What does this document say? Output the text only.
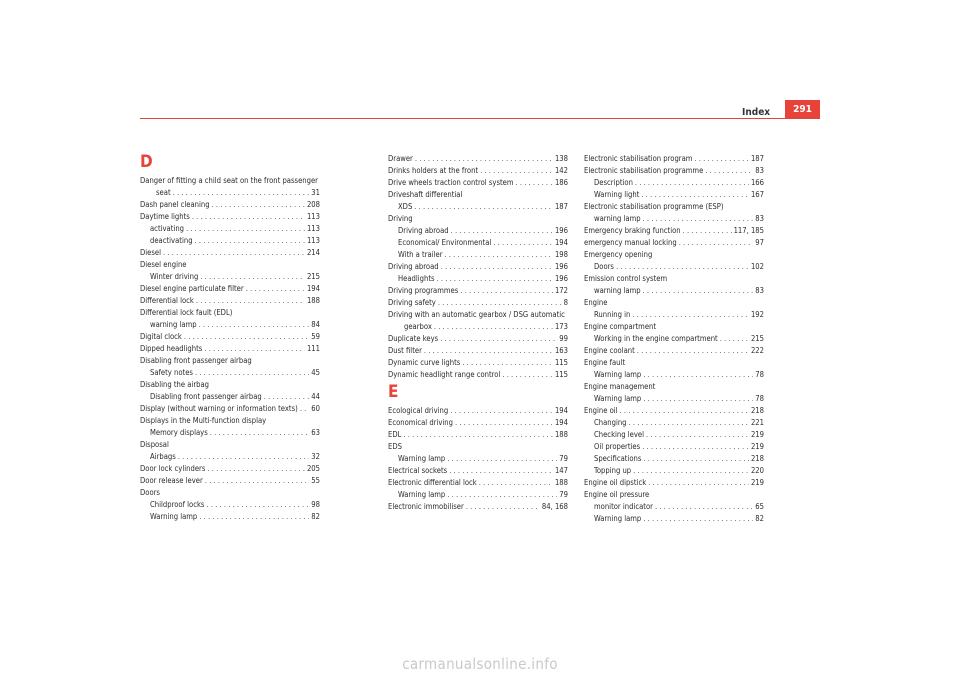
Index	291
D
Danger of fitting a child seat on the front passenger
seat . . .	31
Dash panel cleaning . . .	208
Daytime lights . . .	113
activating . . .	113
deactivating . . .	113
Diesel . . .	214
Diesel engine
Winter driving . . .	215
Diesel engine particulate filter . . .	194
Differential lock . . .	188
Differential lock fault (EDL)
warning lamp . . .	84
Digital clock . . .	59
Dipped headlights . . .	111
Disabling front passenger airbag
Safety notes . . .	45
Disabling the airbag
Disabling front passenger airbag . . .	44
Display (without warning or information texts) . . . 60
Displays in the Multi-function display
Memory displays . . .	63
Disposal
Airbags . . .	32
Door lock cylinders . . .	205
Door release lever . . .	55
Doors
Childproof locks . . .	98
Warning lamp . . .	82
Drawer . . .	138
Drinks holders at the front . . .	142
Drive wheels traction control system . . .	186
Driveshaft differential
XDS . . .	187
Driving
Driving abroad . . .	196
Economical/ Environmental . . .	194
With a trailer . . .	198
Driving abroad . . .	196
Headlights . . .	196
Driving programmes . . .	172
Driving safety . . .	8
Driving with an automatic gearbox / DSG automatic
gearbox . . .	173
Duplicate keys . . .	99
Dust filter . . .	163
Dynamic curve lights . . .	115
Dynamic headlight range control . . .	115
E
Ecological driving . . .	194
Economical driving . . .	194
EDL . . .	188
EDS
Warning lamp . . .	79
Electrical sockets . . .	147
Electronic differential lock . . .	188
Warning lamp . . .	79
Electronic immobiliser . . .	84, 168
Electronic stabilisation program . . .	187
Electronic stabilisation programme . . .	83
Description . . .	166
Warning light . . .	167
Electronic stabilisation programme (ESP)
warning lamp . . .	83
Emergency braking function . . .	117, 185
emergency manual locking . . .	97
Emergency opening
Doors . . .	102
Emission control system
warning lamp . . .	83
Engine
Running in . . .	192
Engine compartment
Working in the engine compartment . . .	215
Engine coolant . . .	222
Engine fault
Warning lamp . . .	78
Engine management
Warning lamp . . .	78
Engine oil . . .	218
Changing . . .	221
Checking level . . .	219
Oil properties . . .	219
Specifications . . .	218
Topping up . . .	220
Engine oil dipstick . . .	219
Engine oil pressure
monitor indicator . . .	65
Warning lamp . . .	82
carmanualsonline.info
